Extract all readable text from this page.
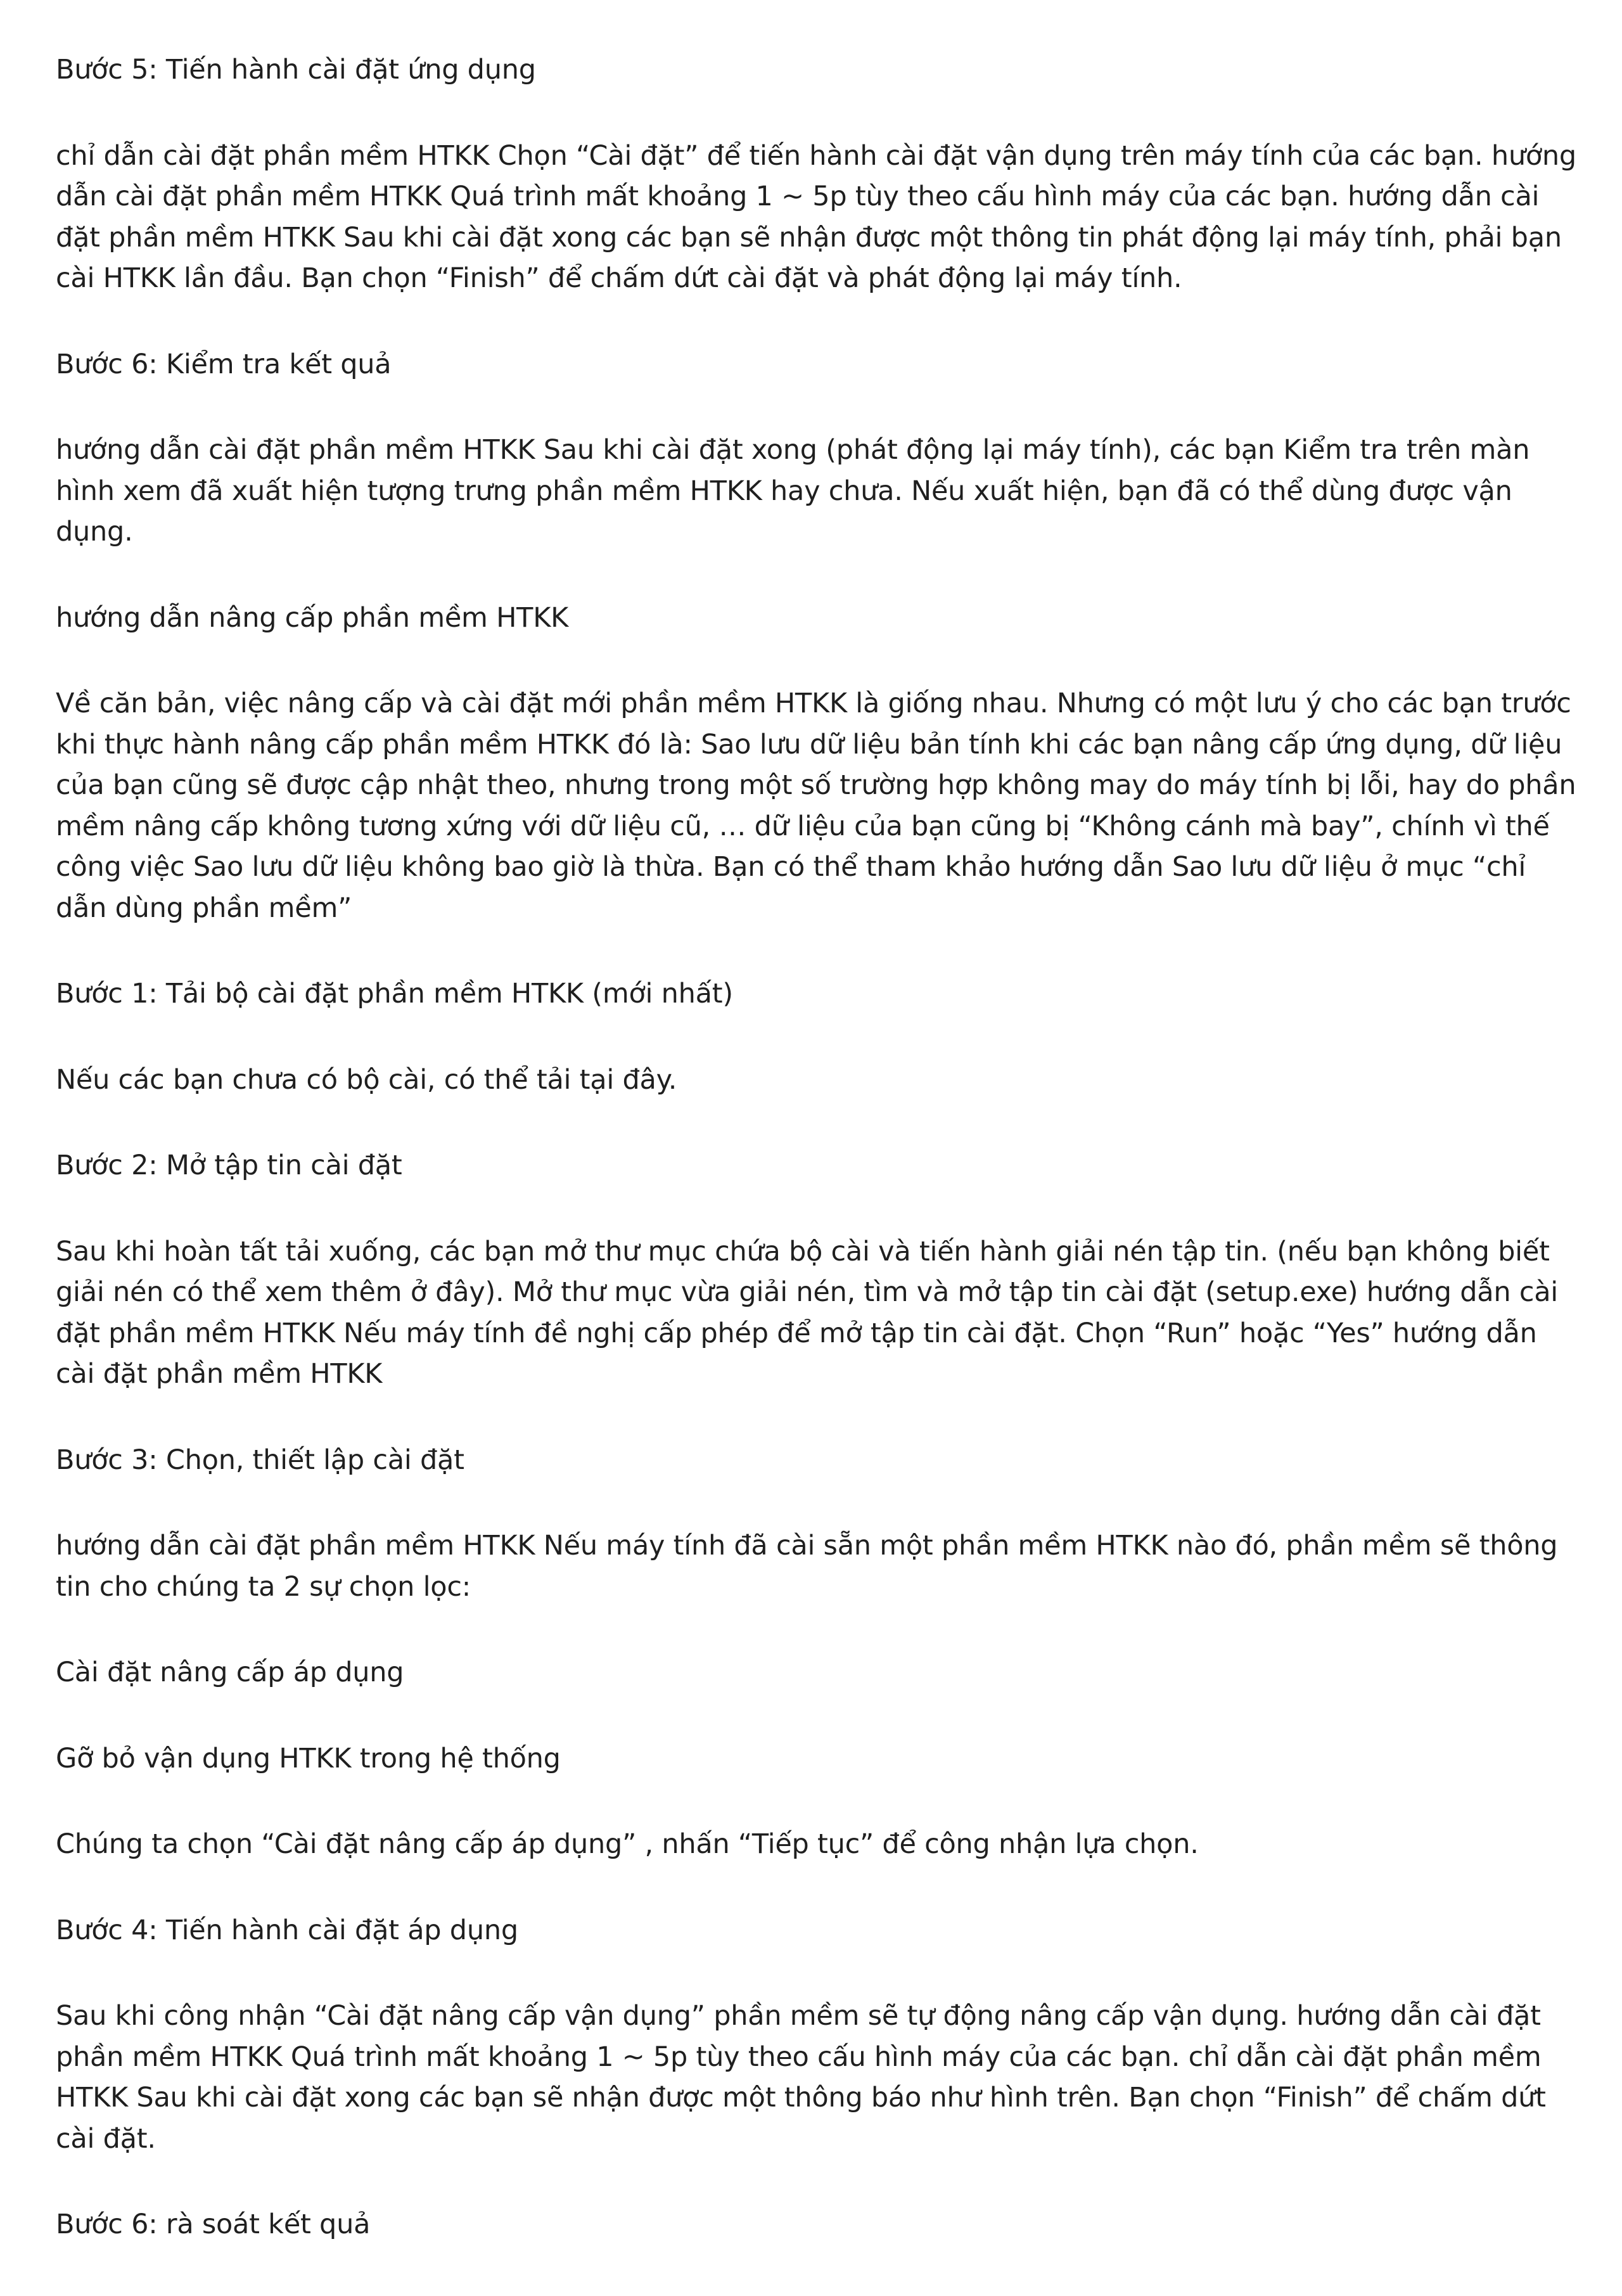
Bước 5: Tiến hành cài đặt ứng dụng

chỉ dẫn cài đặt phần mềm HTKK Chọn “Cài đặt” để tiến hành cài đặt vận dụng trên máy tính của các bạn. hướng dẫn cài đặt phần mềm HTKK Quá trình mất khoảng 1 ~ 5p tùy theo cấu hình máy của các bạn. hướng dẫn cài đặt phần mềm HTKK Sau khi cài đặt xong các bạn sẽ nhận được một thông tin phát động lại máy tính, phải bạn cài HTKK lần đầu. Bạn chọn “Finish” để chấm dứt cài đặt và phát động lại máy tính.

Bước 6: Kiểm tra kết quả

hướng dẫn cài đặt phần mềm HTKK Sau khi cài đặt xong (phát động lại máy tính), các bạn Kiểm tra trên màn hình xem đã xuất hiện tượng trưng phần mềm HTKK hay chưa. Nếu xuất hiện, bạn đã có thể dùng được vận dụng.

hướng dẫn nâng cấp phần mềm HTKK

Về căn bản, việc nâng cấp và cài đặt mới phần mềm HTKK là giống nhau. Nhưng có một lưu ý cho các bạn trước khi thực hành nâng cấp phần mềm HTKK đó là: Sao lưu dữ liệu bản tính khi các bạn nâng cấp ứng dụng, dữ liệu của bạn cũng sẽ được cập nhật theo, nhưng trong một số trường hợp không may do máy tính bị lỗi, hay do phần mềm nâng cấp không tương xứng với dữ liệu cũ, … dữ liệu của bạn cũng bị “Không cánh mà bay”, chính vì thế công việc Sao lưu dữ liệu không bao giờ là thừa. Bạn có thể tham khảo hướng dẫn Sao lưu dữ liệu ở mục “chỉ dẫn dùng phần mềm”

Bước 1: Tải bộ cài đặt phần mềm HTKK (mới nhất)

Nếu các bạn chưa có bộ cài, có thể tải tại đây.

Bước 2: Mở tập tin cài đặt

Sau khi hoàn tất tải xuống, các bạn mở thư mục chứa bộ cài và tiến hành giải nén tập tin. (nếu bạn không biết giải nén có thể xem thêm ở đây). Mở thư mục vừa giải nén, tìm và mở tập tin cài đặt (setup.exe) hướng dẫn cài đặt phần mềm HTKK Nếu máy tính đề nghị cấp phép để mở tập tin cài đặt. Chọn “Run” hoặc “Yes” hướng dẫn cài đặt phần mềm HTKK

Bước 3: Chọn, thiết lập cài đặt

hướng dẫn cài đặt phần mềm HTKK Nếu máy tính đã cài sẵn một phần mềm HTKK nào đó, phần mềm sẽ thông tin cho chúng ta 2 sự chọn lọc:

Cài đặt nâng cấp áp dụng

Gỡ bỏ vận dụng HTKK trong hệ thống

Chúng ta chọn “Cài đặt nâng cấp áp dụng” , nhấn “Tiếp tục” để công nhận lựa chọn.

Bước 4: Tiến hành cài đặt áp dụng

Sau khi công nhận “Cài đặt nâng cấp vận dụng” phần mềm sẽ tự động nâng cấp vận dụng. hướng dẫn cài đặt phần mềm HTKK Quá trình mất khoảng 1 ~ 5p tùy theo cấu hình máy của các bạn. chỉ dẫn cài đặt phần mềm HTKK Sau khi cài đặt xong các bạn sẽ nhận được một thông báo như hình trên. Bạn chọn “Finish” để chấm dứt cài đặt.

Bước 6: rà soát kết quả
